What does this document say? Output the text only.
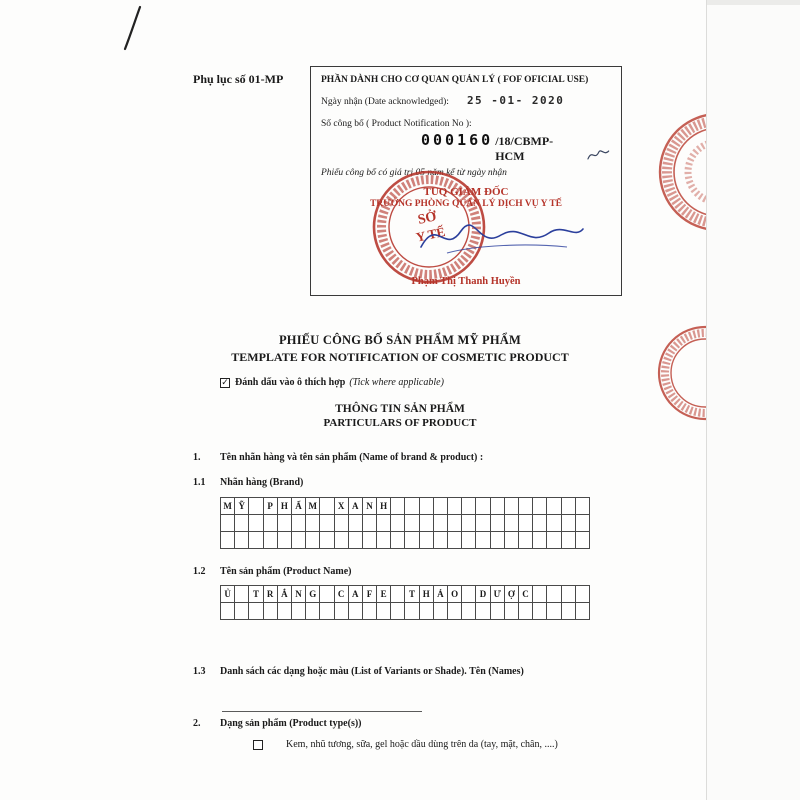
Phụ lục số 01-MP	PHẦN DÀNH CHO CƠ QUAN QUẢN LÝ ( FOF OFICIAL USE)
Ngày nhận (Date acknowledged): 25 -01- 2020
Số công bố ( Product Notification No ):
000160 /18/CBMP-HCM
Phiếu công bố có giá trị 05 năm kể từ ngày nhận
TUQ GIÁM ĐỐC
TRƯỞNG PHÒNG QUẢN LÝ DỊCH VỤ Y TẾ
SỞ
Y TẾ
Phạm Thị Thanh Huyền
PHIẾU CÔNG BỐ SẢN PHẨM MỸ PHẨM
TEMPLATE FOR NOTIFICATION OF COSMETIC PRODUCT
✓ Đánh dấu vào ô thích hợp (Tick where applicable)
THÔNG TIN SẢN PHẨM
PARTICULARS OF PRODUCT
1.	Tên nhãn hàng và tên sản phẩm (Name of brand & product) :
1.1	Nhãn hàng (Brand)
M Ỹ	P H Ẩ M	X A N H
1.2	Tên sản phẩm (Product Name)
Ủ	T R Ắ N G	C A F E	T H Ả O	D Ư Ợ C
1.3	Danh sách các dạng hoặc màu (List of Variants or Shade). Tên (Names)
2.	Dạng sản phẩm (Product type(s))
Kem, nhũ tương, sữa, gel hoặc dầu dùng trên da (tay, mặt, chân, ....)
